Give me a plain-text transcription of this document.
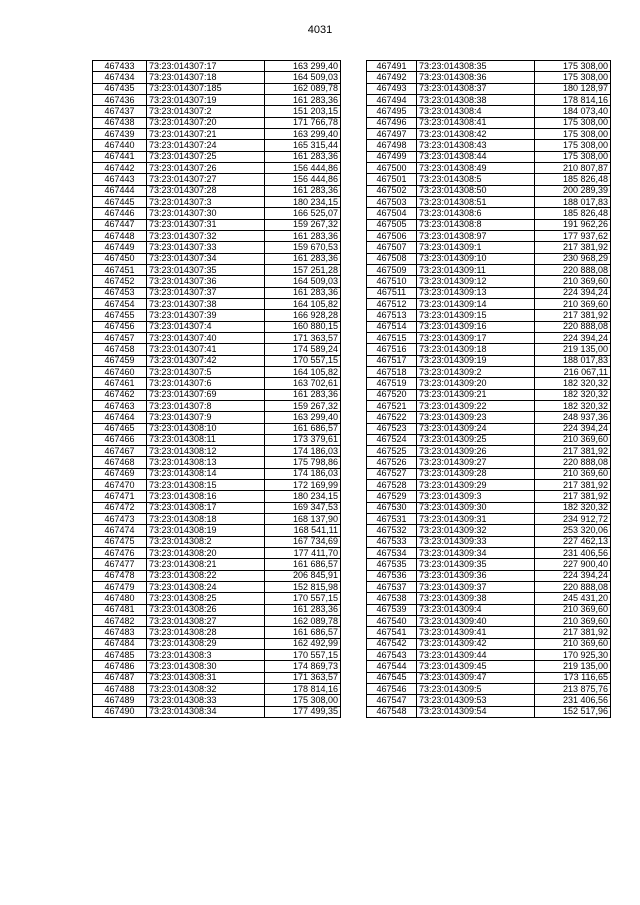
4031
467433	73:23:014307:17	163 299,40
467434	73:23:014307:18	164 509,03
467435	73:23:014307:185	162 089,78
467436	73:23:014307:19	161 283,36
467437	73:23:014307:2	151 203,15
467438	73:23:014307:20	171 766,78
467439	73:23:014307:21	163 299,40
467440	73:23:014307:24	165 315,44
467441	73:23:014307:25	161 283,36
467442	73:23:014307:26	156 444,86
467443	73:23:014307:27	156 444,86
467444	73:23:014307:28	161 283,36
467445	73:23:014307:3	180 234,15
467446	73:23:014307:30	166 525,07
467447	73:23:014307:31	159 267,32
467448	73:23:014307:32	161 283,36
467449	73:23:014307:33	159 670,53
467450	73:23:014307:34	161 283,36
467451	73:23:014307:35	157 251,28
467452	73:23:014307:36	164 509,03
467453	73:23:014307:37	161 283,36
467454	73:23:014307:38	164 105,82
467455	73:23:014307:39	166 928,28
467456	73:23:014307:4	160 880,15
467457	73:23:014307:40	171 363,57
467458	73:23:014307:41	174 589,24
467459	73:23:014307:42	170 557,15
467460	73:23:014307:5	164 105,82
467461	73:23:014307:6	163 702,61
467462	73:23:014307:69	161 283,36
467463	73:23:014307:8	159 267,32
467464	73:23:014307:9	163 299,40
467465	73:23:014308:10	161 686,57
467466	73:23:014308:11	173 379,61
467467	73:23:014308:12	174 186,03
467468	73:23:014308:13	175 798,86
467469	73:23:014308:14	174 186,03
467470	73:23:014308:15	172 169,99
467471	73:23:014308:16	180 234,15
467472	73:23:014308:17	169 347,53
467473	73:23:014308:18	168 137,90
467474	73:23:014308:19	168 541,11
467475	73:23:014308:2	167 734,69
467476	73:23:014308:20	177 411,70
467477	73:23:014308:21	161 686,57
467478	73:23:014308:22	206 845,91
467479	73:23:014308:24	152 815,98
467480	73:23:014308:25	170 557,15
467481	73:23:014308:26	161 283,36
467482	73:23:014308:27	162 089,78
467483	73:23:014308:28	161 686,57
467484	73:23:014308:29	162 492,99
467485	73:23:014308:3	170 557,15
467486	73:23:014308:30	174 869,73
467487	73:23:014308:31	171 363,57
467488	73:23:014308:32	178 814,16
467489	73:23:014308:33	175 308,00
467490	73:23:014308:34	177 499,35
467491	73:23:014308:35	175 308,00
467492	73:23:014308:36	175 308,00
467493	73:23:014308:37	180 128,97
467494	73:23:014308:38	178 814,16
467495	73:23:014308:4	184 073,40
467496	73:23:014308:41	175 308,00
467497	73:23:014308:42	175 308,00
467498	73:23:014308:43	175 308,00
467499	73:23:014308:44	175 308,00
467500	73:23:014308:49	210 807,87
467501	73:23:014308:5	185 826,48
467502	73:23:014308:50	200 289,39
467503	73:23:014308:51	188 017,83
467504	73:23:014308:6	185 826,48
467505	73:23:014308:8	191 962,26
467506	73:23:014308:97	177 937,62
467507	73:23:014309:1	217 381,92
467508	73:23:014309:10	230 968,29
467509	73:23:014309:11	220 888,08
467510	73:23:014309:12	210 369,60
467511	73:23:014309:13	224 394,24
467512	73:23:014309:14	210 369,60
467513	73:23:014309:15	217 381,92
467514	73:23:014309:16	220 888,08
467515	73:23:014309:17	224 394,24
467516	73:23:014309:18	219 135,00
467517	73:23:014309:19	188 017,83
467518	73:23:014309:2	216 067,11
467519	73:23:014309:20	182 320,32
467520	73:23:014309:21	182 320,32
467521	73:23:014309:22	182 320,32
467522	73:23:014309:23	248 937,36
467523	73:23:014309:24	224 394,24
467524	73:23:014309:25	210 369,60
467525	73:23:014309:26	217 381,92
467526	73:23:014309:27	220 888,08
467527	73:23:014309:28	210 369,60
467528	73:23:014309:29	217 381,92
467529	73:23:014309:3	217 381,92
467530	73:23:014309:30	182 320,32
467531	73:23:014309:31	234 912,72
467532	73:23:014309:32	253 320,06
467533	73:23:014309:33	227 462,13
467534	73:23:014309:34	231 406,56
467535	73:23:014309:35	227 900,40
467536	73:23:014309:36	224 394,24
467537	73:23:014309:37	220 888,08
467538	73:23:014309:38	245 431,20
467539	73:23:014309:4	210 369,60
467540	73:23:014309:40	210 369,60
467541	73:23:014309:41	217 381,92
467542	73:23:014309:42	210 369,60
467543	73:23:014309:44	170 925,30
467544	73:23:014309:45	219 135,00
467545	73:23:014309:47	173 116,65
467546	73:23:014309:5	213 875,76
467547	73:23:014309:53	231 406,56
467548	73:23:014309:54	152 517,96
